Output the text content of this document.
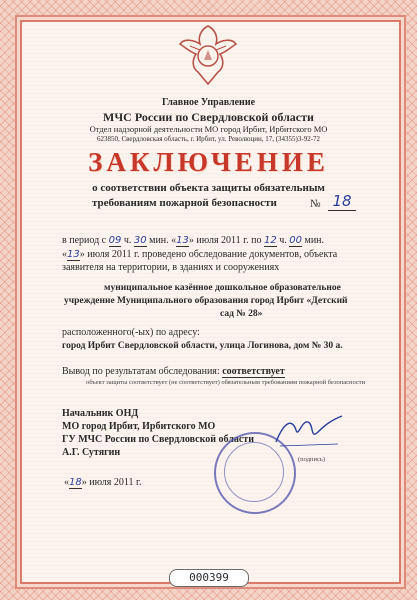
Главное Управление
МЧС России по Свердловской области
Отдел надзорной деятельности МО город Ирбит, Ирбитского МО
623850, Свердловская область, г. Ирбит, ул. Революции, 17, (34355)3-92-72
ЗАКЛЮЧЕНИЕ
о соответствии объекта защиты обязательным
требованиям пожарной безопасности	№ 18
в период с 09 ч. 30 мин. «13» июля 2011 г. по 12 ч. 00 мин.
«13» июля 2011 г. проведено обследование документов, объекта
заявителя на территории, в зданиях и сооружениях
муниципальное казённое дошкольное образовательное
учреждение Муниципального образования город Ирбит «Детский
сад № 28»
расположенного(-ых) по адресу:
город Ирбит Свердловской области, улица Логинова, дом № 30 а.
Вывод по результатам обследования: соответствует
объект защиты соответствует (не соответствует) обязательным требованиям пожарной безопасности
Начальник ОНД
МО город Ирбит, Ирбитского МО
ГУ МЧС России по Свердловской области
А.Г. Сутягин
(подпись)
«18» июля 2011 г.
000399
